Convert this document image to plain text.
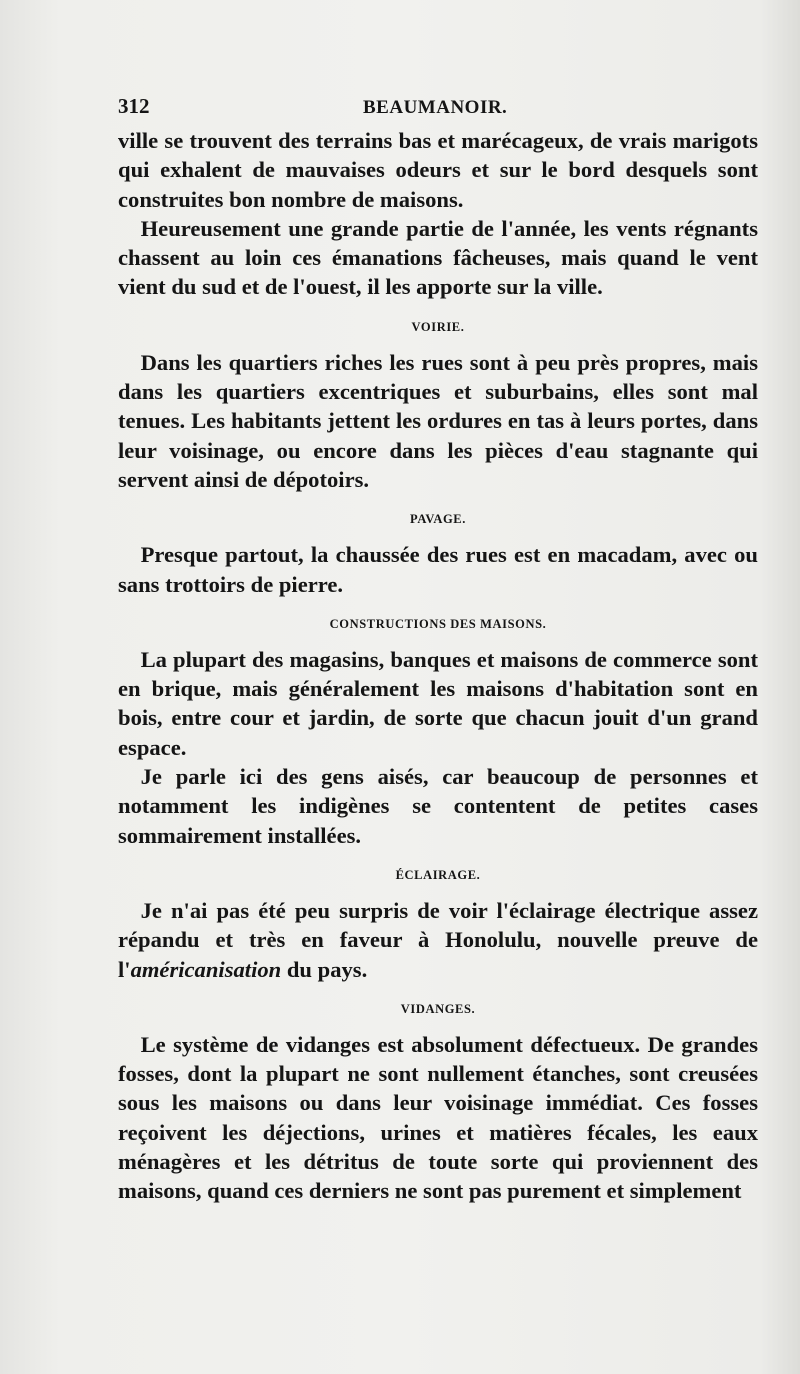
312	BEAUMANOIR.

ville se trouvent des terrains bas et marécageux, de vrais marigots qui exhalent de mauvaises odeurs et sur le bord desquels sont construites bon nombre de maisons.

Heureusement une grande partie de l'année, les vents régnants chassent au loin ces émanations fâcheuses, mais quand le vent vient du sud et de l'ouest, il les apporte sur la ville.

VOIRIE.

Dans les quartiers riches les rues sont à peu près propres, mais dans les quartiers excentriques et suburbains, elles sont mal tenues. Les habitants jettent les ordures en tas à leurs portes, dans leur voisinage, ou encore dans les pièces d'eau stagnante qui servent ainsi de dépotoirs.

PAVAGE.

Presque partout, la chaussée des rues est en macadam, avec ou sans trottoirs de pierre.

CONSTRUCTIONS DES MAISONS.

La plupart des magasins, banques et maisons de commerce sont en brique, mais généralement les maisons d'habitation sont en bois, entre cour et jardin, de sorte que chacun jouit d'un grand espace.

Je parle ici des gens aisés, car beaucoup de personnes et notamment les indigènes se contentent de petites cases sommairement installées.

ÉCLAIRAGE.

Je n'ai pas été peu surpris de voir l'éclairage électrique assez répandu et très en faveur à Honolulu, nouvelle preuve de l'américanisation du pays.

VIDANGES.

Le système de vidanges est absolument défectueux. De grandes fosses, dont la plupart ne sont nullement étanches, sont creusées sous les maisons ou dans leur voisinage immédiat. Ces fosses reçoivent les déjections, urines et matières fécales, les eaux ménagères et les détritus de toute sorte qui proviennent des maisons, quand ces derniers ne sont pas purement et simplement
